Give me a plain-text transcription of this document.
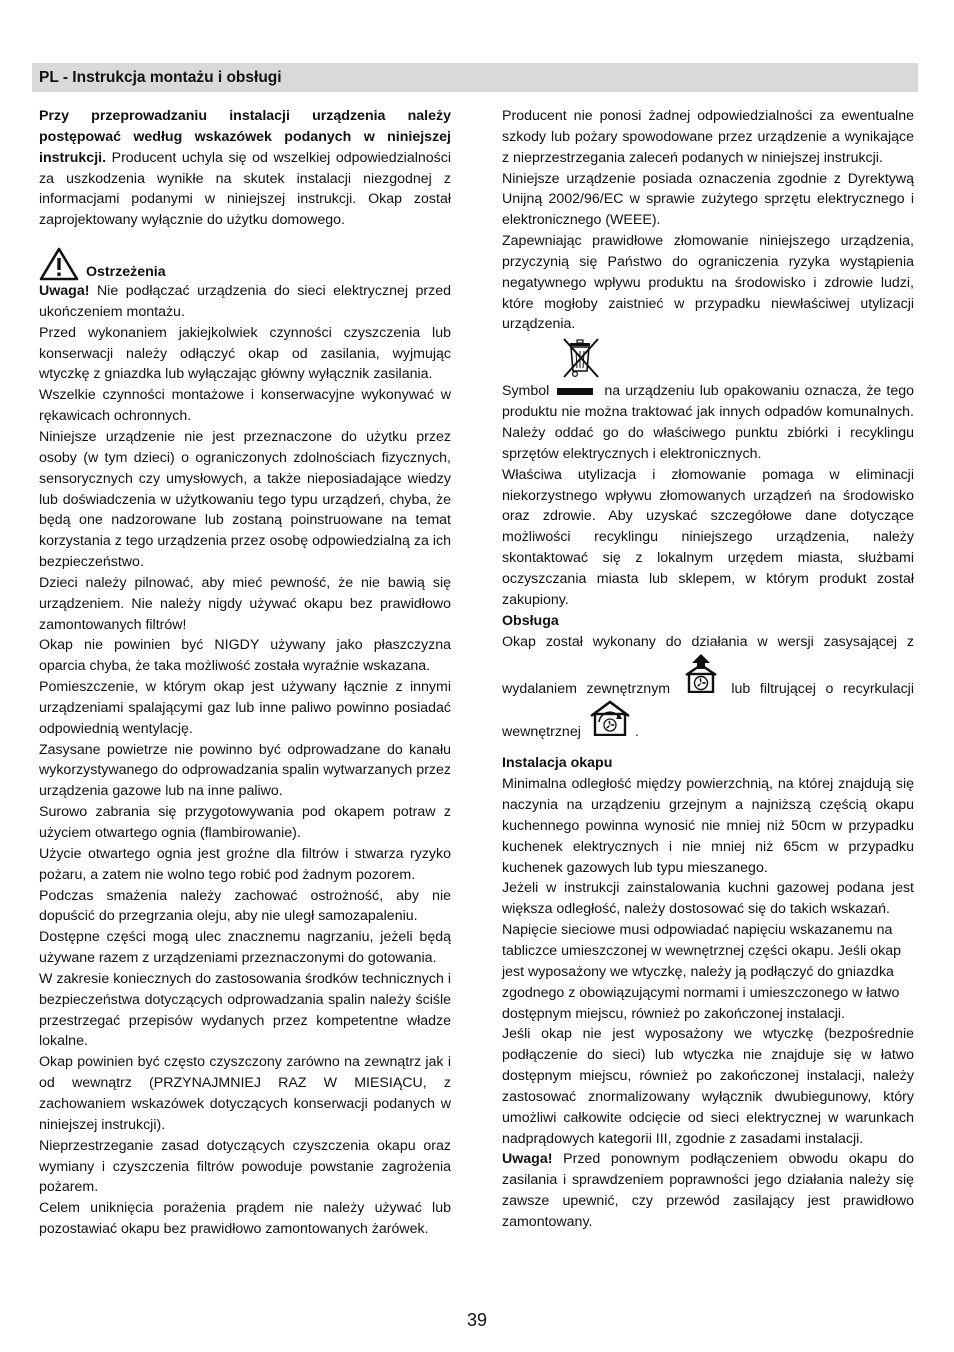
PL - Instrukcja montażu i obsługi

Przy przeprowadzaniu instalacji urządzenia należy postępować według wskazówek podanych w niniejszej instrukcji. Producent uchyla się od wszelkiej odpowiedzialności za uszkodzenia wynikłe na skutek instalacji niezgodnej z informacjami podanymi w niniejszej instrukcji. Okap został zaprojektowany wyłącznie do użytku domowego.

Ostrzeżenia

Uwaga! Nie podłączać urządzenia do sieci elektrycznej przed ukończeniem montażu.

Przed wykonaniem jakiejkolwiek czynności czyszczenia lub konserwacji należy odłączyć okap od zasilania, wyjmując wtyczkę z gniazdka lub wyłączając główny wyłącznik zasilania.

Wszelkie czynności montażowe i konserwacyjne wykonywać w rękawicach ochronnych.

Niniejsze urządzenie nie jest przeznaczone do użytku przez osoby (w tym dzieci) o ograniczonych zdolnościach fizycznych, sensorycznych czy umysłowych, a także nieposiadające wiedzy lub doświadczenia w użytkowaniu tego typu urządzeń, chyba, że będą one nadzorowane lub zostaną poinstruowane na temat korzystania z tego urządzenia przez osobę odpowiedzialną za ich bezpieczeństwo.

Dzieci należy pilnować, aby mieć pewność, że nie bawią się urządzeniem. Nie należy nigdy używać okapu bez prawidłowo zamontowanych filtrów!

Okap nie powinien być NIGDY używany jako płaszczyzna oparcia chyba, że taka możliwość została wyraźnie wskazana.

Pomieszczenie, w którym okap jest używany łącznie z innymi urządzeniami spalającymi gaz lub inne paliwo powinno posiadać odpowiednią wentylację.

Zasysane powietrze nie powinno być odprowadzane do kanału wykorzystywanego do odprowadzania spalin wytwarzanych przez urządzenia gazowe lub na inne paliwo.

Surowo zabrania się przygotowywania pod okapem potraw z użyciem otwartego ognia (flambirowanie).

Użycie otwartego ognia jest groźne dla filtrów i stwarza ryzyko pożaru, a zatem nie wolno tego robić pod żadnym pozorem.

Podczas smażenia należy zachować ostrożność, aby nie dopuścić do przegrzania oleju, aby nie uległ samozapaleniu.

Dostępne części mogą ulec znacznemu nagrzaniu, jeżeli będą używane razem z urządzeniami przeznaczonymi do gotowania.

W zakresie koniecznych do zastosowania środków technicznych i bezpieczeństwa dotyczących odprowadzania spalin należy ściśle przestrzegać przepisów wydanych przez kompetentne władze lokalne.

Okap powinien być często czyszczony zarówno na zewnątrz jak i od wewnątrz (PRZYNAJMNIEJ RAZ W MIESIĄCU, z zachowaniem wskazówek dotyczących konserwacji podanych w niniejszej instrukcji).

Nieprzestrzeganie zasad dotyczących czyszczenia okapu oraz wymiany i czyszczenia filtrów powoduje powstanie zagrożenia pożarem.

Celem uniknięcia porażenia prądem nie należy używać lub pozostawiać okapu bez prawidłowo zamontowanych żarówek.

Producent nie ponosi żadnej odpowiedzialności za ewentualne szkody lub pożary spowodowane przez urządzenie a wynikające z nieprzestrzegania zaleceń podanych w niniejszej instrukcji.

Niniejsze urządzenie posiada oznaczenia zgodnie z Dyrektywą Unijną 2002/96/EC w sprawie zużytego sprzętu elektrycznego i elektronicznego (WEEE).

Zapewniając prawidłowe złomowanie niniejszego urządzenia, przyczynią się Państwo do ograniczenia ryzyka wystąpienia negatywnego wpływu produktu na środowisko i zdrowie ludzi, które mogłoby zaistnieć w przypadku niewłaściwej utylizacji urządzenia.

Symbol	na urządzeniu lub opakowaniu oznacza, że tego produktu nie można traktować jak innych odpadów komunalnych. Należy oddać go do właściwego punktu zbiórki i recyklingu sprzętów elektrycznych i elektronicznych.

Właściwa utylizacja i złomowanie pomaga w eliminacji niekorzystnego wpływu złomowanych urządzeń na środowisko oraz zdrowie. Aby uzyskać szczegółowe dane dotyczące możliwości recyklingu niniejszego urządzenia, należy skontaktować się z lokalnym urzędem miasta, służbami oczyszczania miasta lub sklepem, w którym produkt został zakupiony.

Obsługa

Okap został wykonany do działania w wersji zasysającej z wydalaniem zewnętrznym	lub filtrującej o recyrkulacji wewnętrznej	.

Instalacja okapu

Minimalna odległość między powierzchnią, na której znajdują się naczynia na urządzeniu grzejnym a najniższą częścią okapu kuchennego powinna wynosić nie mniej niż 50cm w przypadku kuchenek elektrycznych i nie mniej niż 65cm w przypadku kuchenek gazowych lub typu mieszanego.

Jeżeli w instrukcji zainstalowania kuchni gazowej podana jest większa odległość, należy dostosować się do takich wskazań.

Napięcie sieciowe musi odpowiadać napięciu wskazanemu na tabliczce umieszczonej w wewnętrznej części okapu. Jeśli okap jest wyposażony we wtyczkę, należy ją podłączyć do gniazdka zgodnego z obowiązującymi normami i umieszczonego w łatwo dostępnym miejscu, również po zakończonej instalacji.

Jeśli okap nie jest wyposażony we wtyczkę (bezpośrednie podłączenie do sieci) lub wtyczka nie znajduje się w łatwo dostępnym miejscu, również po zakończonej instalacji, należy zastosować znormalizowany wyłącznik dwubiegunowy, który umożliwi całkowite odcięcie od sieci elektrycznej w warunkach nadprądowych kategorii III, zgodnie z zasadami instalacji.

Uwaga! Przed ponownym podłączeniem obwodu okapu do zasilania i sprawdzeniem poprawności jego działania należy się zawsze upewnić, czy przewód zasilający jest prawidłowo zamontowany.

39
